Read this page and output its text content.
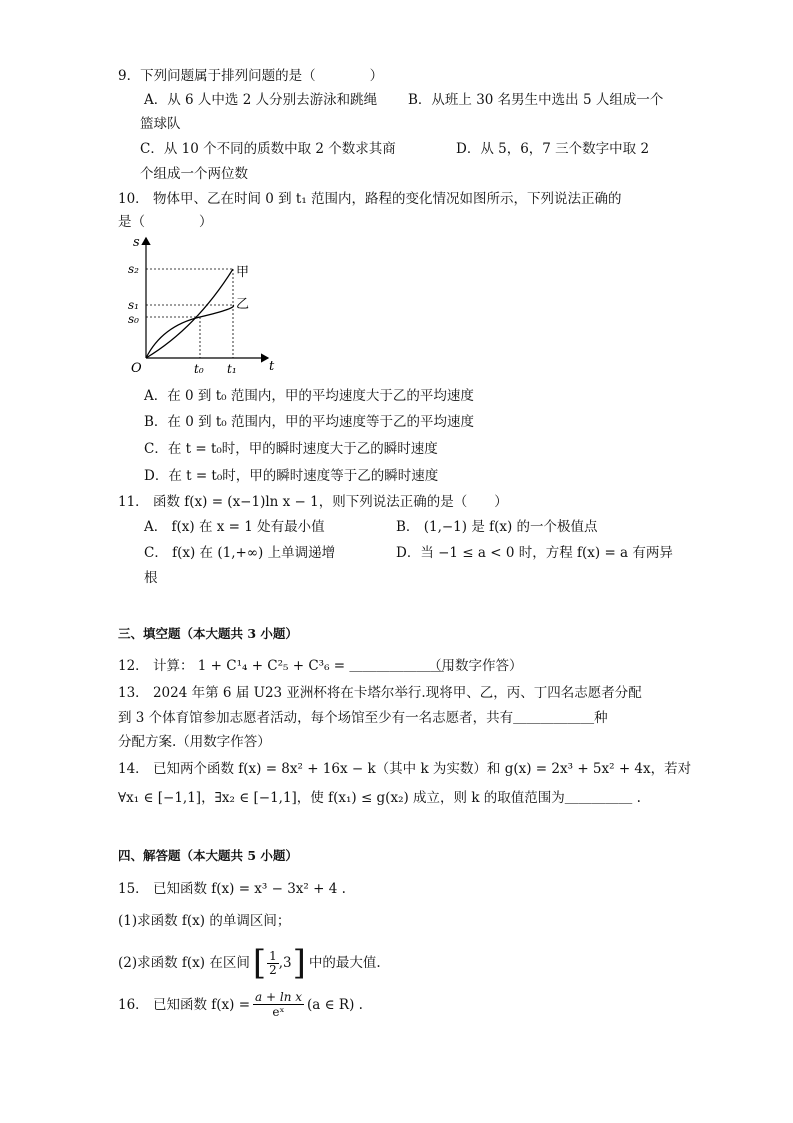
9．下列问题属于排列问题的是（　　　　）
A．从 6 人中选 2 人分别去游泳和跳绳 B．从班上 30 名男生中选出 5 人组成一个
篮球队
C．从 10 个不同的质数中取 2 个数求其商	D．从 5，6，7 三个数字中取 2
个组成一个两位数
10． 物体甲、乙在时间 0 到 t₁ 范围内，路程的变化情况如图所示，下列说法正确的
是（　　　　）
s
t
O
s₂
s₁
s₀
t₀ t₁
甲
乙
A．在 0 到 t₀ 范围内，甲的平均速度大于乙的平均速度
B．在 0 到 t₀ 范围内，甲的平均速度等于乙的平均速度
C．在 t = t₀时，甲的瞬时速度大于乙的瞬时速度
D．在 t = t₀时，甲的瞬时速度等于乙的瞬时速度
11． 函数 f(x) = (x−1)ln x − 1，则下列说法正确的是（　　）
A． f(x) 在 x = 1 处有最小值	B． (1,−1) 是 f(x) 的一个极值点
C． f(x) 在 (1,+∞) 上单调递增	D．当 −1 ≤ a < 0 时，方程 f(x) = a 有两异
根
三、填空题（本大题共 3 小题）
12． 计算： 1 + C¹₄ + C²₅ + C³₆ = ＿＿＿＿＿＿＿ .
（用数字作答）
13． 2024 年第 6 届 U23 亚洲杯将在卡塔尔举行.现将甲、乙，丙、丁四名志愿者分配
到 3 个体育馆参加志愿者活动，每个场馆至少有一名志愿者，共有＿＿＿＿＿＿种
分配方案.（用数字作答）
14． 已知两个函数 f(x) = 8x² + 16x − k（其中 k 为实数）和 g(x) = 2x³ + 5x² + 4x，若对
∀x₁ ∈ [−1,1]，∃x₂ ∈ [−1,1]，使 f(x₁) ≤ g(x₂) 成立，则 k 的取值范围为＿＿＿＿＿ .
四、解答题（本大题共 5 小题）
15． 已知函数 f(x) = x³ − 3x² + 4 .
(1)求函数 f(x) 的单调区间；
(2)求函数 f(x) 在区间 [ $\frac{1}{2} ,3$ ] 中的最大值.
16． 已知函数 $f(x) = \frac{\text{a + ln x}}{\text{eˣ}} (a$ ∈ R) .
